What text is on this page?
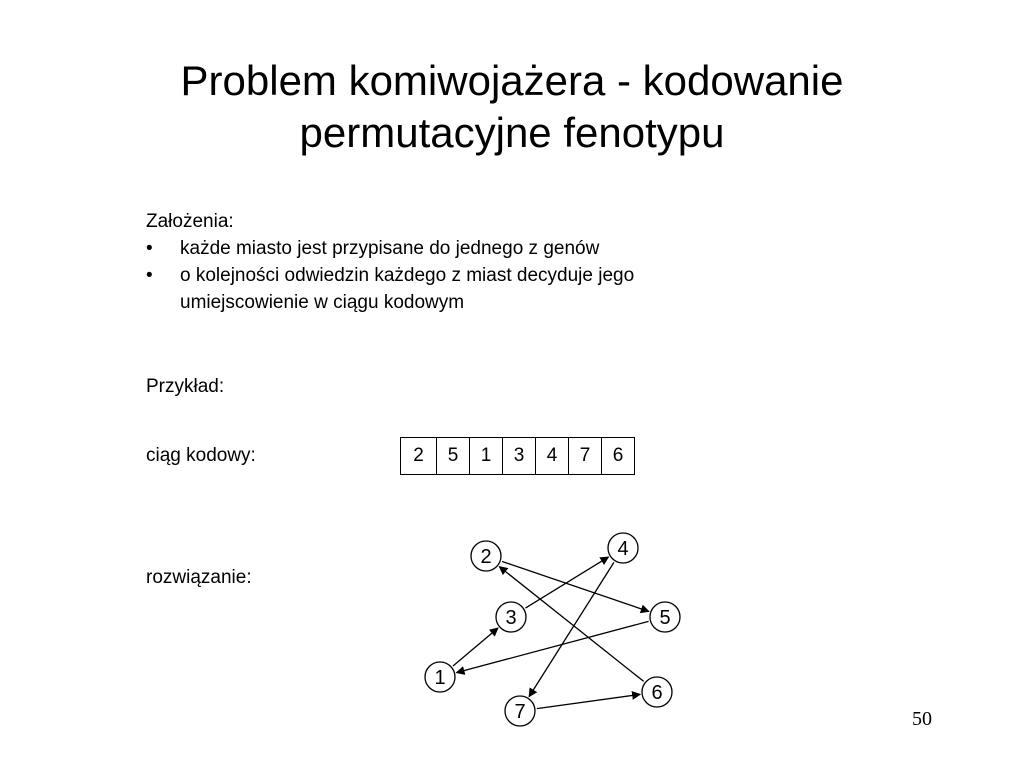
Problem komiwojażera - kodowanie
permutacyjne fenotypu
Założenia:
•	każde miasto jest przypisane do jednego z genów
•	o kolejności odwiedzin każdego z miast decyduje jego umiejscowienie w ciągu kodowym
Przykład:
ciąg kodowy:	2	5	1	3	4	7	6
rozwiązanie:
2	4
3	5
1
6
7	50
